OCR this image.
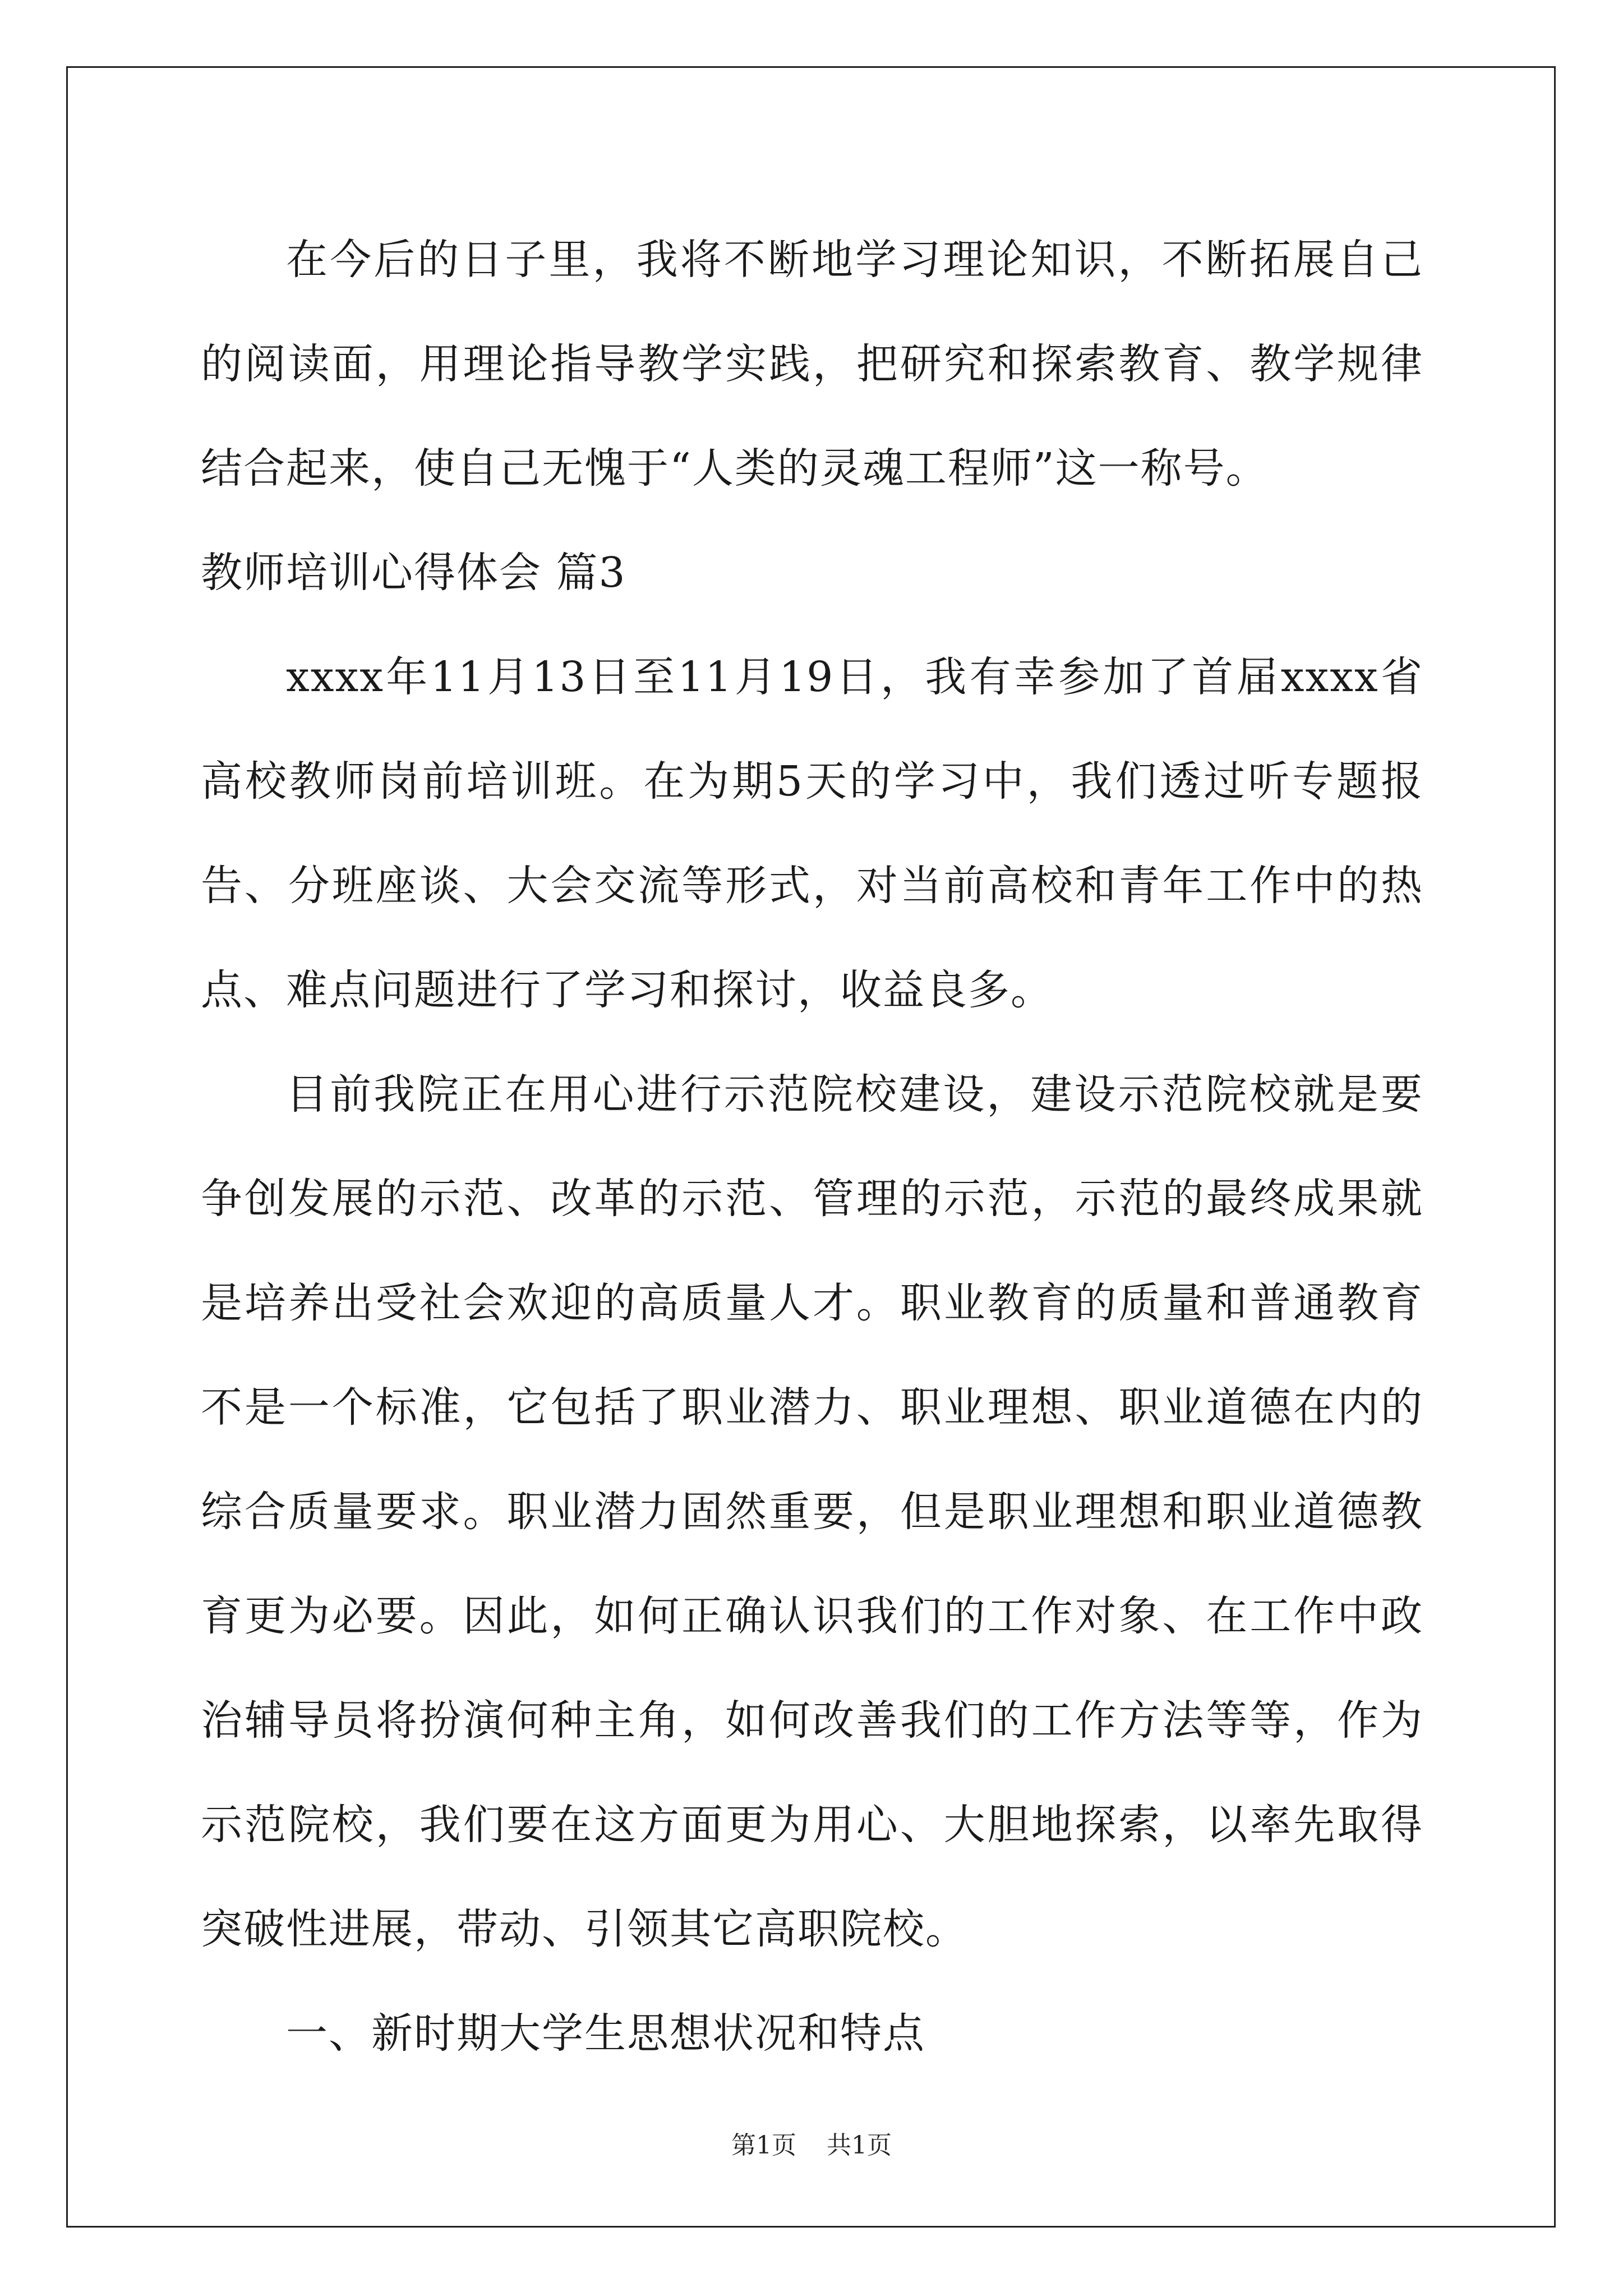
在今后的日子里，我将不断地学习理论知识，不断拓展自己的阅读面，用理论指导教学实践，把研究和探索教育、教学规律结合起来，使自己无愧于“人类的灵魂工程师”这一称号。

教师培训心得体会 篇3

xxxx年11月13日至11月19日，我有幸参加了首届xxxx省高校教师岗前培训班。在为期5天的学习中，我们透过听专题报告、分班座谈、大会交流等形式，对当前高校和青年工作中的热点、难点问题进行了学习和探讨，收益良多。

目前我院正在用心进行示范院校建设，建设示范院校就是要争创发展的示范、改革的示范、管理的示范，示范的最终成果就是培养出受社会欢迎的高质量人才。职业教育的质量和普通教育不是一个标准，它包括了职业潜力、职业理想、职业道德在内的综合质量要求。职业潜力固然重要，但是职业理想和职业道德教育更为必要。因此，如何正确认识我们的工作对象、在工作中政治辅导员将扮演何种主角，如何改善我们的工作方法等等，作为示范院校，我们要在这方面更为用心、大胆地探索，以率先取得突破性进展，带动、引领其它高职院校。

一、新时期大学生思想状况和特点

第1页 共1页
